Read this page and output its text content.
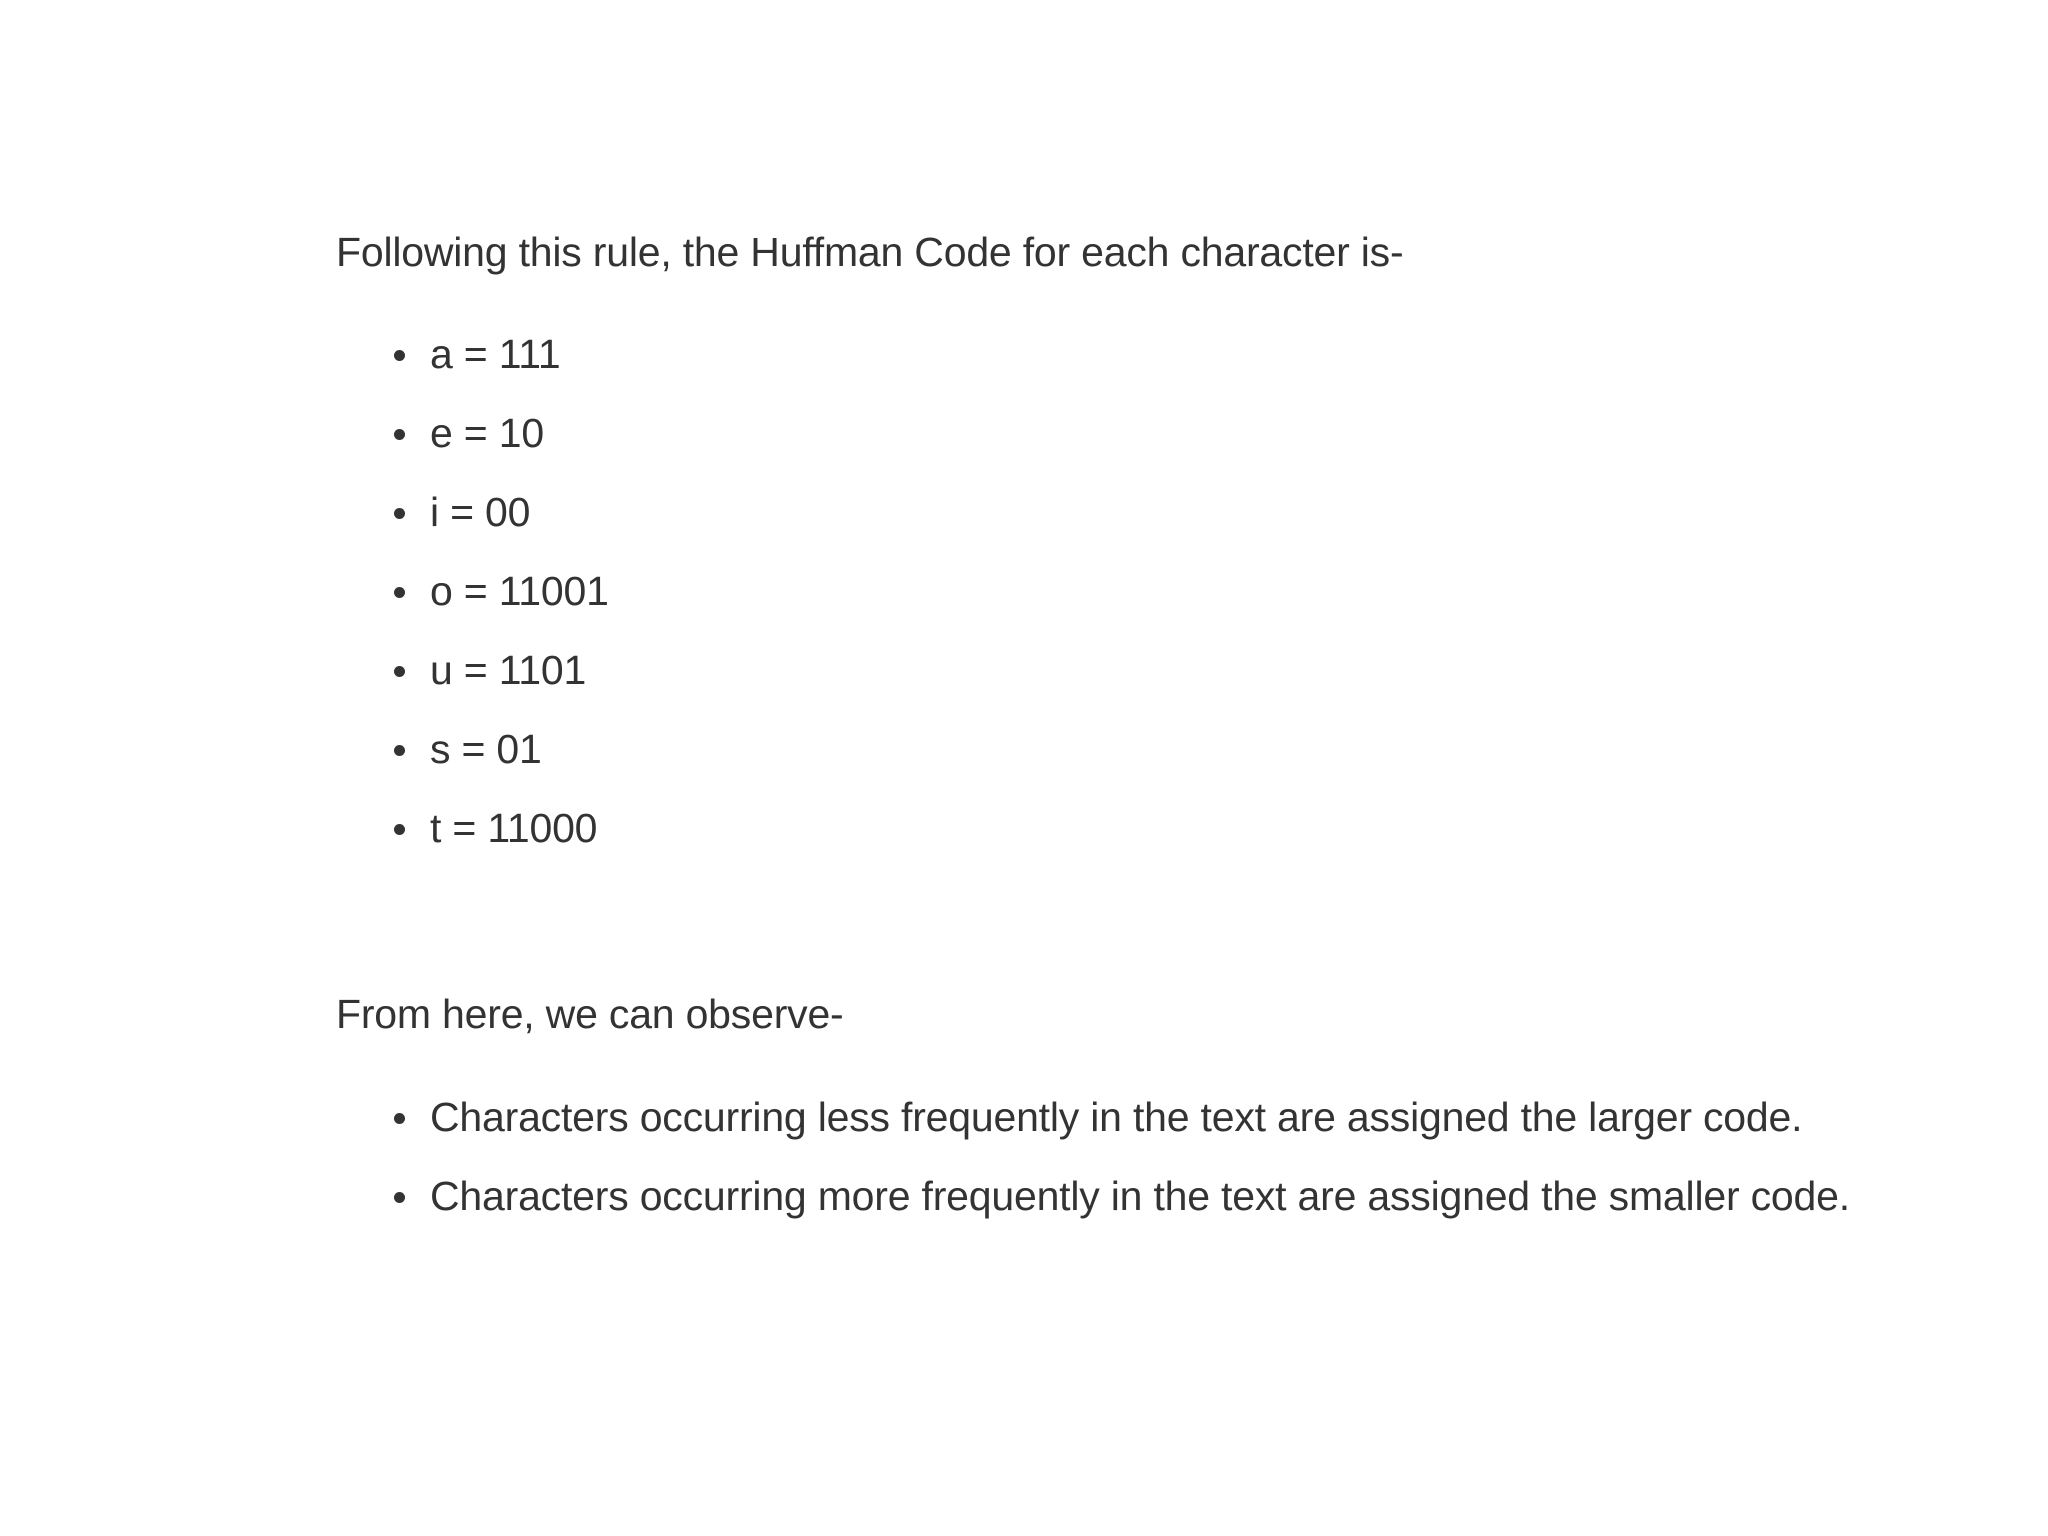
Following this rule, the Huffman Code for each character is-

a = 111
e = 10
i = 00
o = 11001
u = 1101
s = 01
t = 11000

From here, we can observe-

Characters occurring less frequently in the text are assigned the larger code.
Characters occurring more frequently in the text are assigned the smaller code.
